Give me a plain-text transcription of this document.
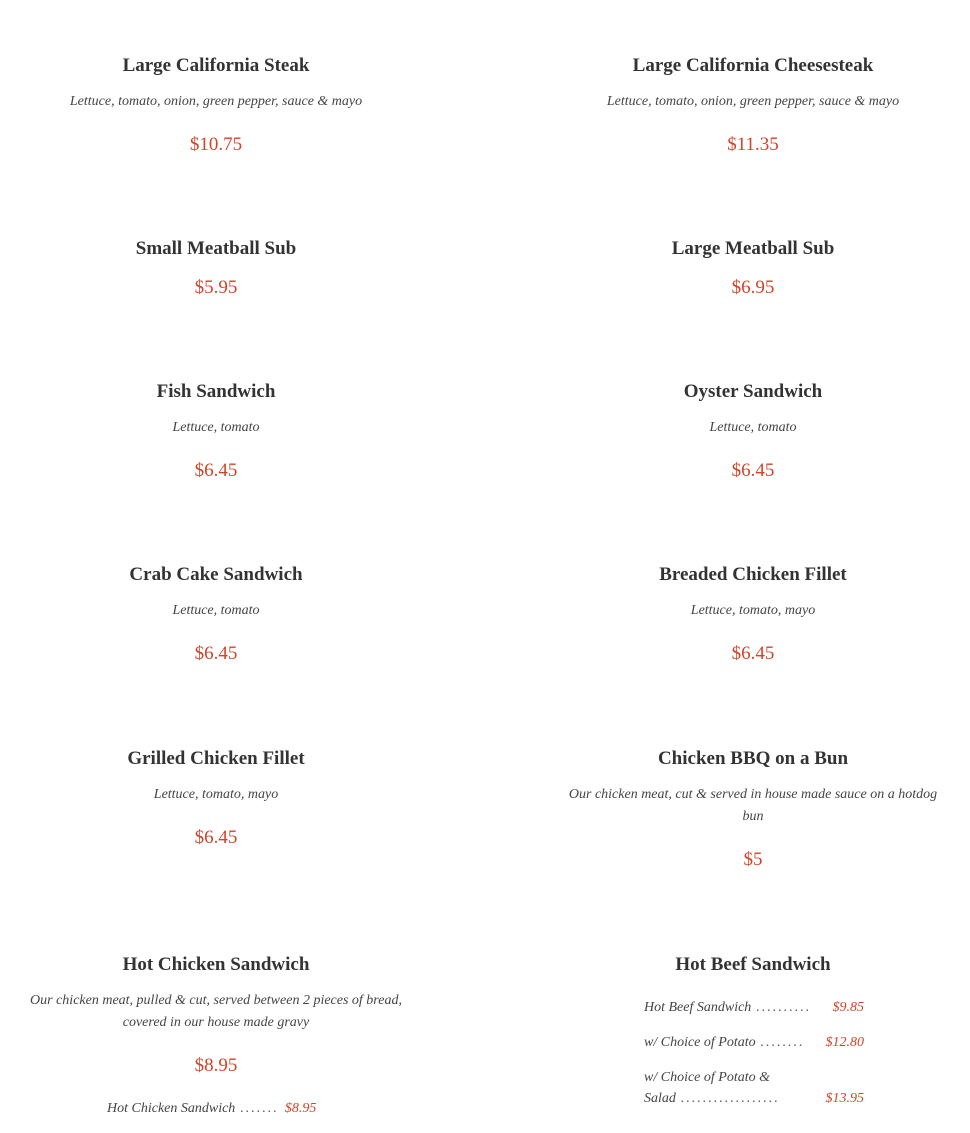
Large California Steak
Lettuce, tomato, onion, green pepper, sauce & mayo
$10.75
Large California Cheesesteak
Lettuce, tomato, onion, green pepper, sauce & mayo
$11.35
Small Meatball Sub
$5.95
Large Meatball Sub
$6.95
Fish Sandwich
Lettuce, tomato
$6.45
Oyster Sandwich
Lettuce, tomato
$6.45
Crab Cake Sandwich
Lettuce, tomato
$6.45
Breaded Chicken Fillet
Lettuce, tomato, mayo
$6.45
Grilled Chicken Fillet
Lettuce, tomato, mayo
$6.45
Chicken BBQ on a Bun
Our chicken meat, cut & served in house made sauce on a hotdog bun
$5
Hot Chicken Sandwich
Our chicken meat, pulled & cut, served between 2 pieces of bread, covered in our house made gravy
$8.95
Hot Chicken Sandwich ....... $8.95
Hot Beef Sandwich
Hot Beef Sandwich ..........	$9.85
w/ Choice of Potato ........	$12.80
w/ Choice of Potato &
Salad ..................	$13.95
